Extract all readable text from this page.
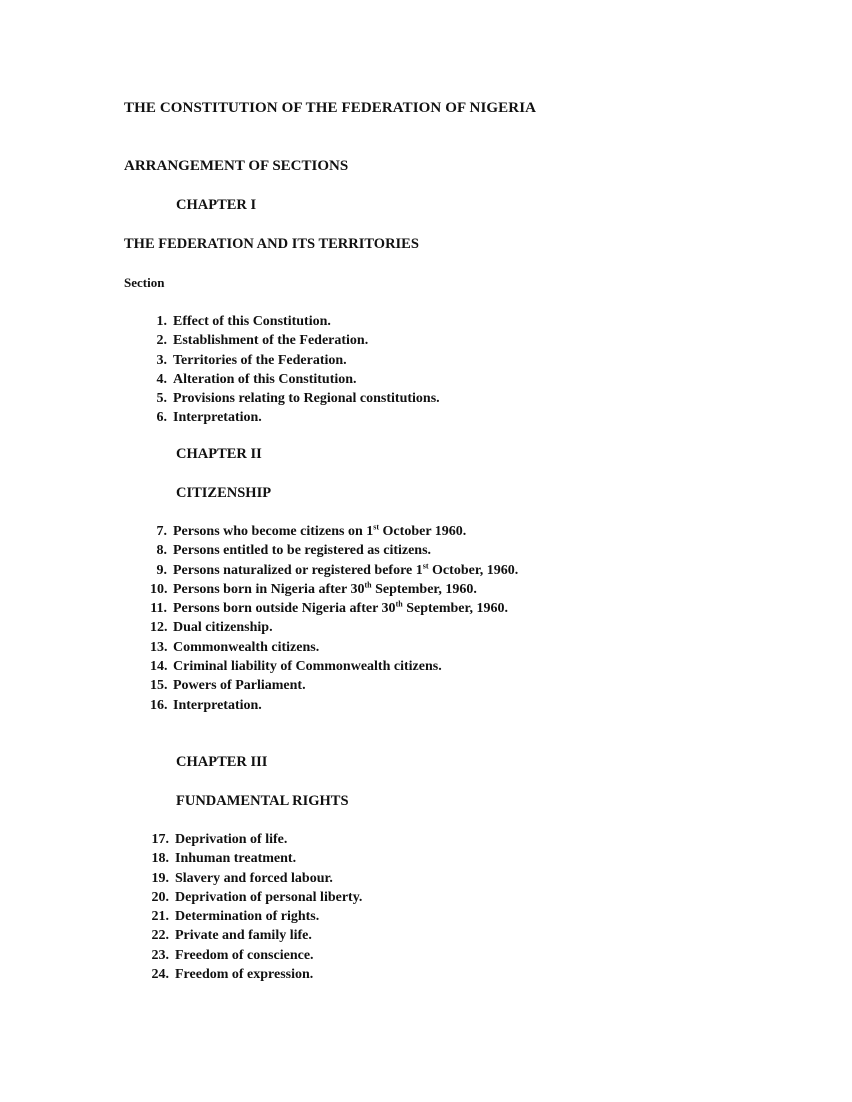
THE CONSTITUTION OF THE FEDERATION OF NIGERIA
ARRANGEMENT OF SECTIONS
CHAPTER I
THE FEDERATION AND ITS TERRITORIES
Section
1. Effect of this Constitution.
2. Establishment of the Federation.
3. Territories of the Federation.
4. Alteration of this Constitution.
5. Provisions relating to Regional constitutions.
6. Interpretation.
CHAPTER II
CITIZENSHIP
7. Persons who become citizens on 1st October 1960.
8. Persons entitled to be registered as citizens.
9. Persons naturalized or registered before 1st October, 1960.
10. Persons born in Nigeria after 30th September, 1960.
11. Persons born outside Nigeria after 30th September, 1960.
12. Dual citizenship.
13. Commonwealth citizens.
14. Criminal liability of Commonwealth citizens.
15. Powers of Parliament.
16. Interpretation.
CHAPTER III
FUNDAMENTAL RIGHTS
17. Deprivation of life.
18. Inhuman treatment.
19. Slavery and forced labour.
20. Deprivation of personal liberty.
21. Determination of rights.
22. Private and family life.
23. Freedom of conscience.
24. Freedom of expression.
